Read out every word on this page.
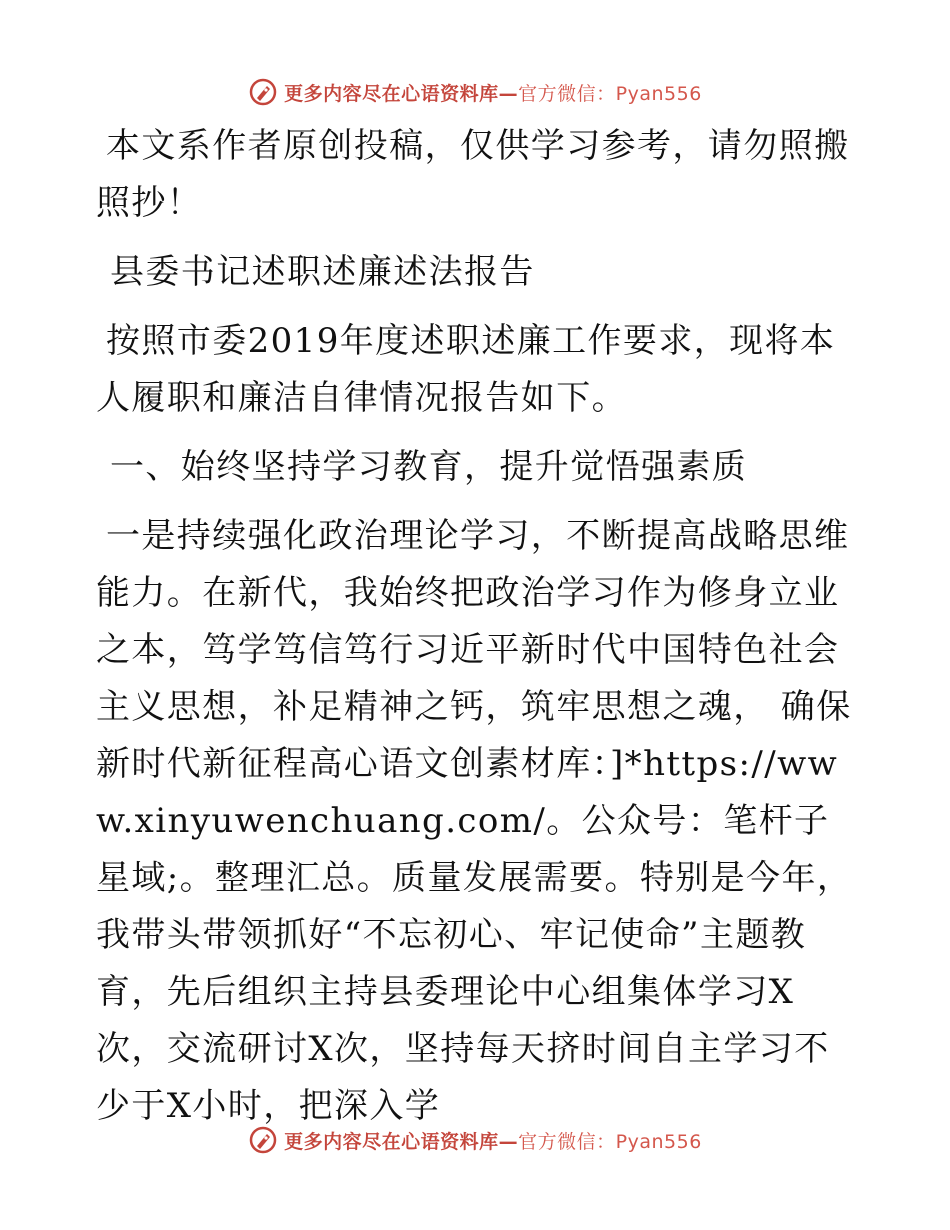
更多内容尽在心语资料库—官方微信：Pyan556

本文系作者原创投稿，仅供学习参考，请勿照搬照抄！

县委书记述职述廉述法报告

按照市委2019年度述职述廉工作要求，现将本人履职和廉洁自律情况报告如下。

一、始终坚持学习教育，提升觉悟强素质

一是持续强化政治理论学习，不断提高战略思维能力。在新代，我始终把政治学习作为修身立业之本，笃学笃信笃行习近平新时代中国特色社会主义思想，补足精神之钙，筑牢思想之魂， 确保新时代新征程高心语文创素材库：]*https://www.xinyuwenchuang.com/。公众号：笔杆子星域;。整理汇总。质量发展需要。特别是今年，我带头带领抓好“不忘初心、牢记使命”主题教育，先后组织主持县委理论中心组集体学习X次，交流研讨X次，坚持每天挤时间自主学习不少于X小时，把深入学

更多内容尽在心语资料库—官方微信：Pyan556
